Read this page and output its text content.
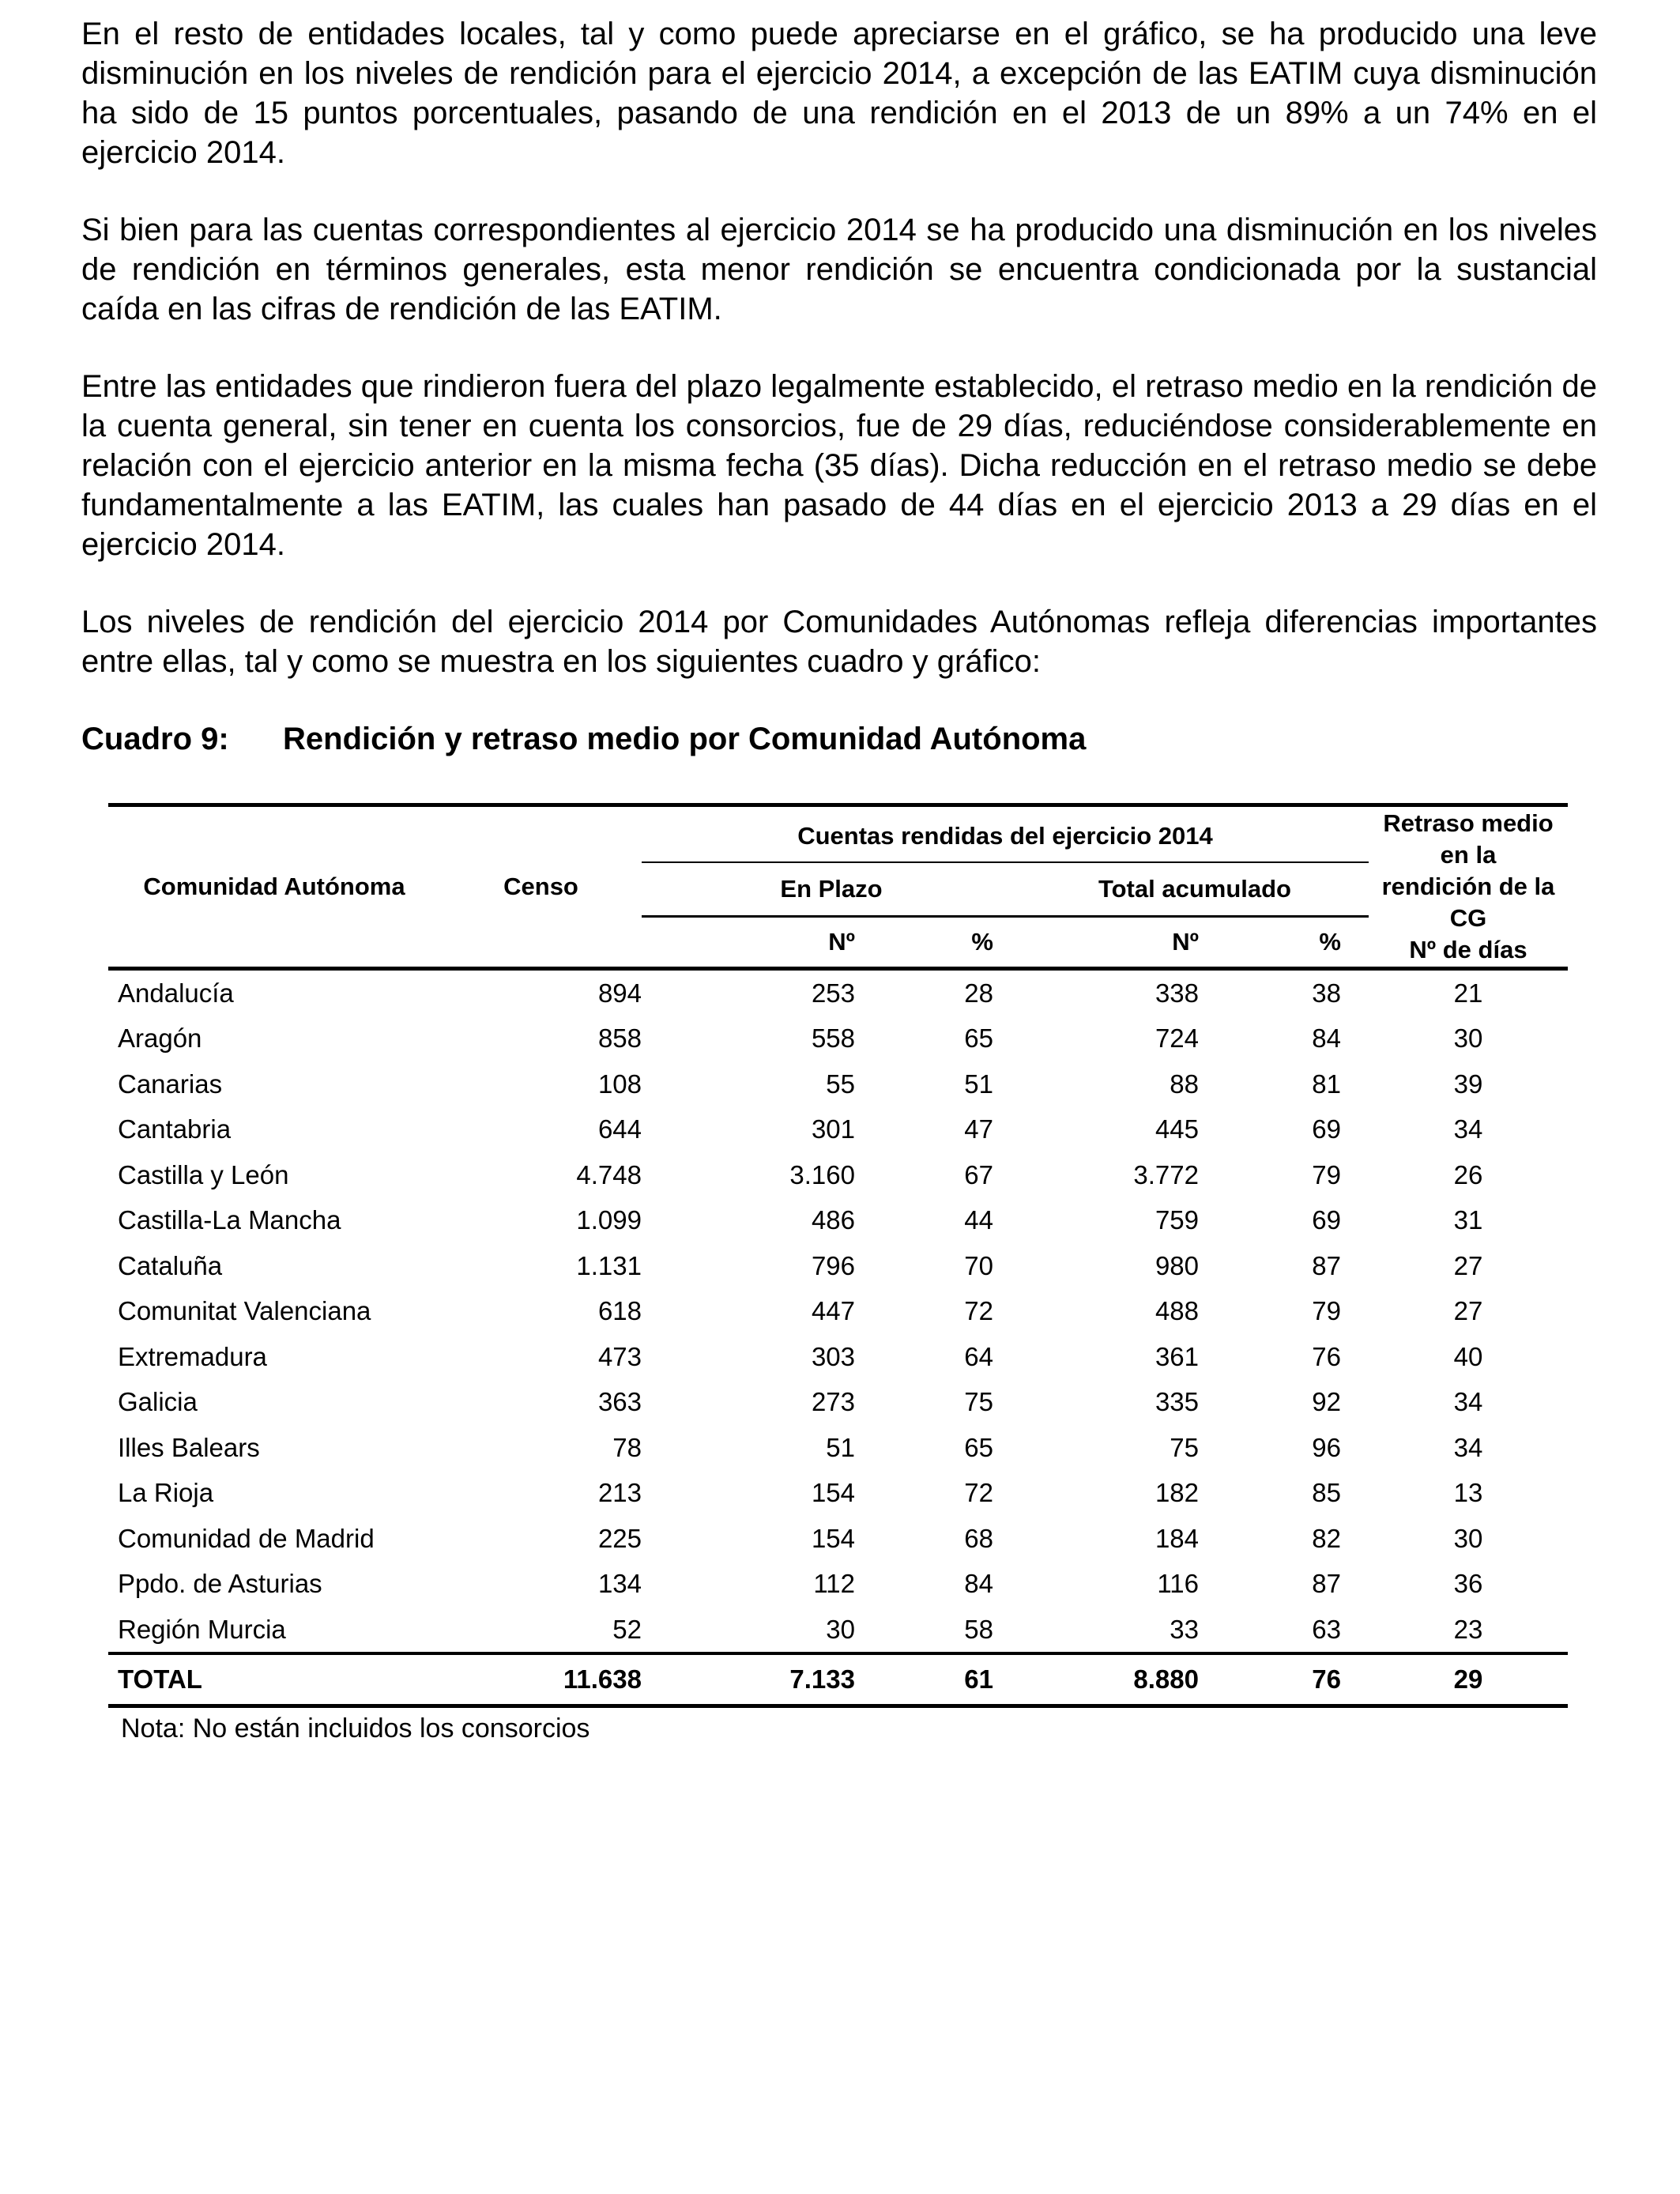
En el resto de entidades locales, tal y como puede apreciarse en el gráfico, se ha producido una leve disminución en los niveles de rendición para el ejercicio 2014, a excepción de las EATIM cuya disminución ha sido de 15 puntos porcentuales, pasando de una rendición en el 2013 de un 89% a un 74% en el ejercicio 2014.

Si bien para las cuentas correspondientes al ejercicio 2014 se ha producido una disminución en los niveles de rendición en términos generales, esta menor rendición se encuentra condicionada por la sustancial caída en las cifras de rendición de las EATIM.

Entre las entidades que rindieron fuera del plazo legalmente establecido, el retraso medio en la rendición de la cuenta general, sin tener en cuenta los consorcios, fue de 29 días, reduciéndose considerablemente en relación con el ejercicio anterior en la misma fecha (35 días). Dicha reducción en el retraso medio se debe fundamentalmente a las EATIM, las cuales han pasado de 44 días en el ejercicio 2013 a 29 días en el ejercicio 2014.

Los niveles de rendición del ejercicio 2014 por Comunidades Autónomas refleja diferencias importantes entre ellas, tal y como se muestra en los siguientes cuadro y gráfico:

Cuadro 9: Rendición y retraso medio por Comunidad Autónoma

Comunidad Autónoma	Censo	Cuentas rendidas del ejercicio 2014				Retraso medio en la
rendición de la CG
Nº de días

		En Plazo		Total acumulado		
		Nº	%	Nº	%	

Andalucía	894	253	28	338	38	21
Aragón	858	558	65	724	84	30
Canarias	108	55	51	88	81	39
Cantabria	644	301	47	445	69	34
Castilla y León	4.748	3.160	67	3.772	79	26
Castilla-La Mancha	1.099	486	44	759	69	31
Cataluña	1.131	796	70	980	87	27
Comunitat Valenciana	618	447	72	488	79	27
Extremadura	473	303	64	361	76	40
Galicia	363	273	75	335	92	34
Illes Balears	78	51	65	75	96	34
La Rioja	213	154	72	182	85	13
Comunidad de Madrid	225	154	68	184	82	30
Ppdo. de Asturias	134	112	84	116	87	36
Región Murcia	52	30	58	33	63	23
TOTAL	11.638	7.133	61	8.880	76	29
Nota: No están incluidos los consorcios
